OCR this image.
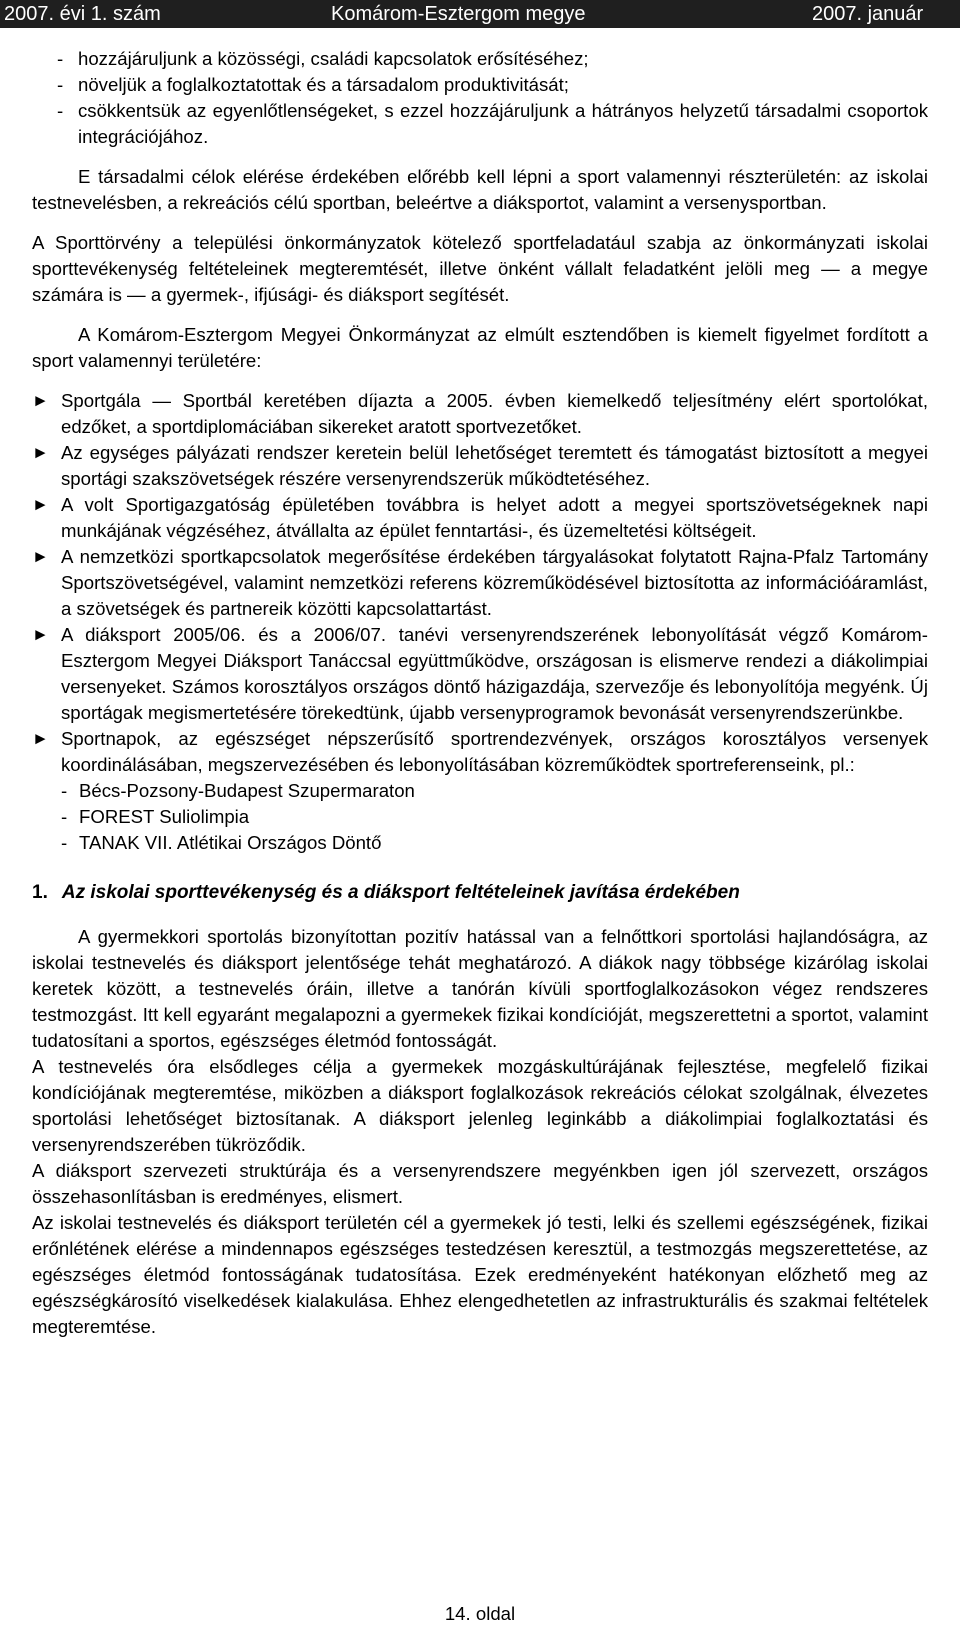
2007. évi 1. szám	Komárom-Esztergom megye	2007. január
- hozzájáruljunk a közösségi, családi kapcsolatok erősítéséhez;
- növeljük a foglalkoztatottak és a társadalom produktivitását;
- csökkentsük az egyenlőtlenségeket, s ezzel hozzájáruljunk a hátrányos helyzetű társadalmi csoportok integrációjához.

E társadalmi célok elérése érdekében előrébb kell lépni a sport valamennyi részterületén: az iskolai testnevelésben, a rekreációs célú sportban, beleértve a diáksportot, valamint a versenysportban.

A Sporttörvény a települési önkormányzatok kötelező sportfeladatául szabja az önkormányzati iskolai sporttevékenység feltételeinek megteremtését, illetve önként vállalt feladatként jelöli meg — a megye számára is — a gyermek-, ifjúsági- és diáksport segítését.

A Komárom-Esztergom Megyei Önkormányzat az elmúlt esztendőben is kiemelt figyelmet fordított a sport valamennyi területére:

► Sportgála — Sportbál keretében díjazta a 2005. évben kiemelkedő teljesítmény elért sportolókat, edzőket, a sportdiplomáciában sikereket aratott sportvezetőket.
► Az egységes pályázati rendszer keretein belül lehetőséget teremtett és támogatást biztosított a megyei sportági szakszövetségek részére versenyrendszerük működtetéséhez.
► A volt Sportigazgatóság épületében továbbra is helyet adott a megyei sportszövetségeknek napi munkájának végzéséhez, átvállalta az épület fenntartási-, és üzemeltetési költségeit.
► A nemzetközi sportkapcsolatok megerősítése érdekében tárgyalásokat folytatott Rajna-Pfalz Tartomány Sportszövetségével, valamint nemzetközi referens közreműködésével biztosította az információáramlást, a szövetségek és partnereik közötti kapcsolattartást.
► A diáksport 2005/06. és a 2006/07. tanévi versenyrendszerének lebonyolítását végző Komárom-Esztergom Megyei Diáksport Tanáccsal együttműködve, országosan is elismerve rendezi a diákolimpiai versenyeket. Számos korosztályos országos döntő házigazdája, szervezője és lebonyolítója megyénk. Új sportágak megismertetésére törekedtünk, újabb versenyprogramok bevonását versenyrendszerünkbe.
► Sportnapok, az egészséget népszerűsítő sportrendezvények, országos korosztályos versenyek koordinálásában, megszervezésében és lebonyolításában közreműködtek sportreferenseink, pl.:
- Bécs-Pozsony-Budapest Szupermaraton
- FOREST Suliolimpia
- TANAK VII. Atlétikai Országos Döntő
1. Az iskolai sporttevékenység és a diáksport feltételeinek javítása érdekében

A gyermekkori sportolás bizonyítottan pozitív hatással van a felnőttkori sportolási hajlandóságra, az iskolai testnevelés és diáksport jelentősége tehát meghatározó. A diákok nagy többsége kizárólag iskolai keretek között, a testnevelés óráin, illetve a tanórán kívüli sportfoglalkozásokon végez rendszeres testmozgást. Itt kell egyaránt megalapozni a gyermekek fizikai kondícióját, megszerettetni a sportot, valamint tudatosítani a sportos, egészséges életmód fontosságát.

A testnevelés óra elsődleges célja a gyermekek mozgáskultúrájának fejlesztése, megfelelő fizikai kondíciójának megteremtése, miközben a diáksport foglalkozások rekreációs célokat szolgálnak, élvezetes sportolási lehetőséget biztosítanak. A diáksport jelenleg leginkább a diákolimpiai foglalkoztatási és versenyrendszerében tükröződik.

A diáksport szervezeti struktúrája és a versenyrendszere megyénkben igen jól szervezett, országos összehasonlításban is eredményes, elismert.

Az iskolai testnevelés és diáksport területén cél a gyermekek jó testi, lelki és szellemi egészségének, fizikai erőnlétének elérése a mindennapos egészséges testedzésen keresztül, a testmozgás megszerettetése, az egészséges életmód fontosságának tudatosítása. Ezek eredményeként hatékonyan előzhető meg az egészségkárosító viselkedések kialakulása. Ehhez elengedhetetlen az infrastrukturális és szakmai feltételek megteremtése.

14. oldal
